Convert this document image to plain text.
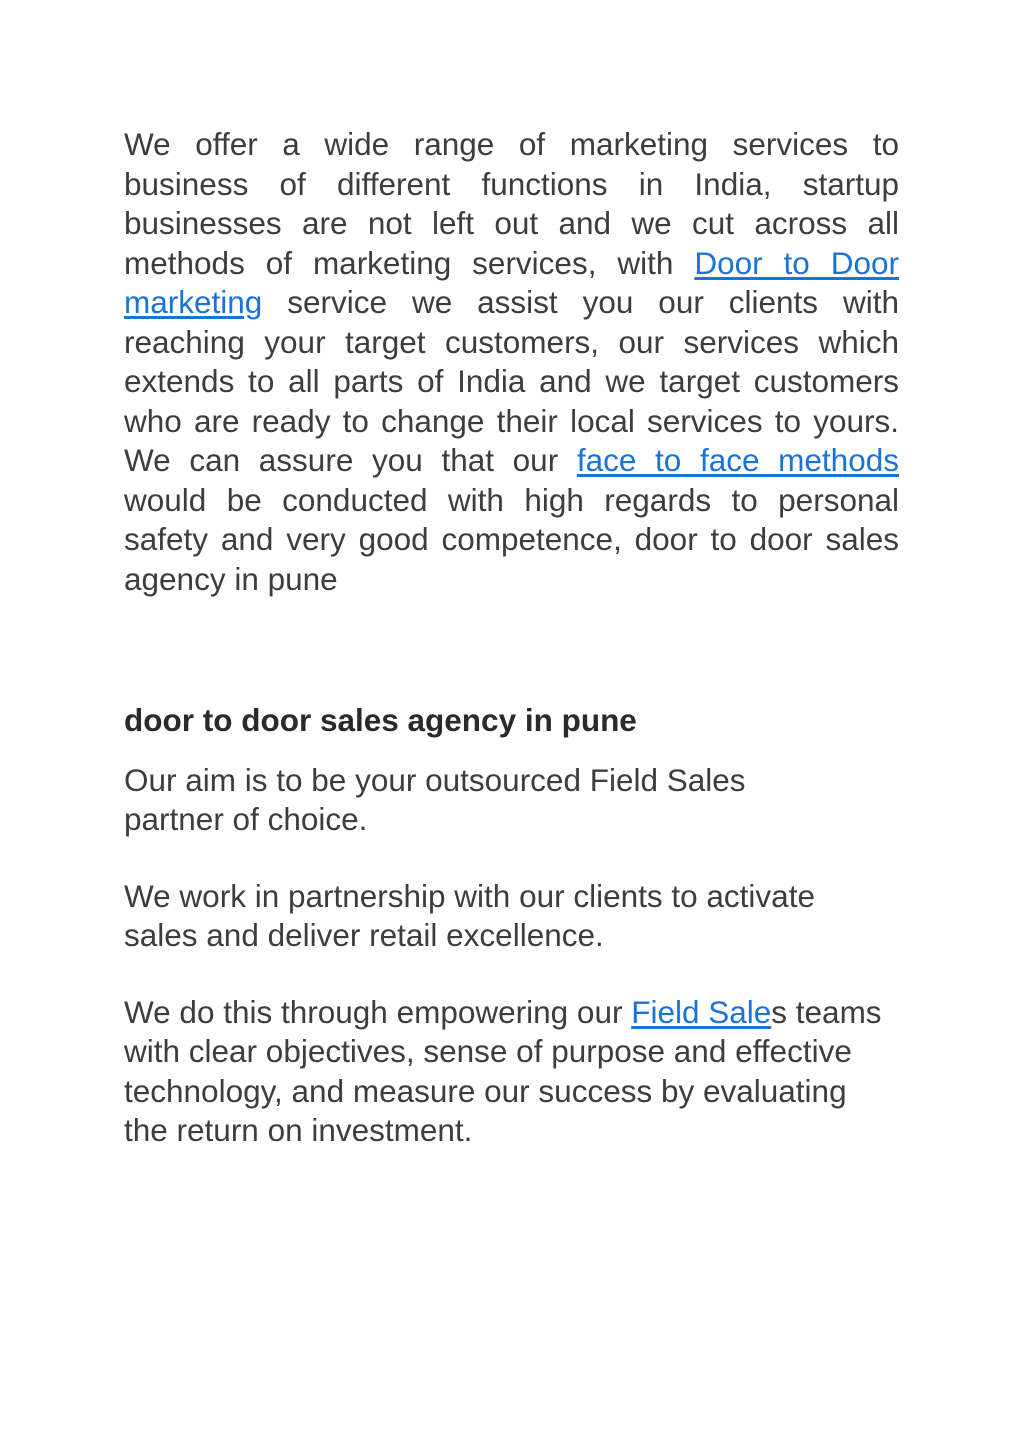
We offer a wide range of marketing services to business of different functions in India, startup businesses are not left out and we cut across all methods of marketing services, with Door to Door marketing service we assist you our clients with reaching your target customers, our services which extends to all parts of India and we target customers who are ready to change their local services to yours. We can assure you that our face to face methods would be conducted with high regards to personal safety and very good competence, door to door sales agency in pune

door to door sales agency in pune

Our aim is to be your outsourced Field Sales partner of choice.

We work in partnership with our clients to activate sales and deliver retail excellence.

We do this through empowering our Field Sales teams with clear objectives, sense of purpose and effective technology, and measure our success by evaluating the return on investment.
